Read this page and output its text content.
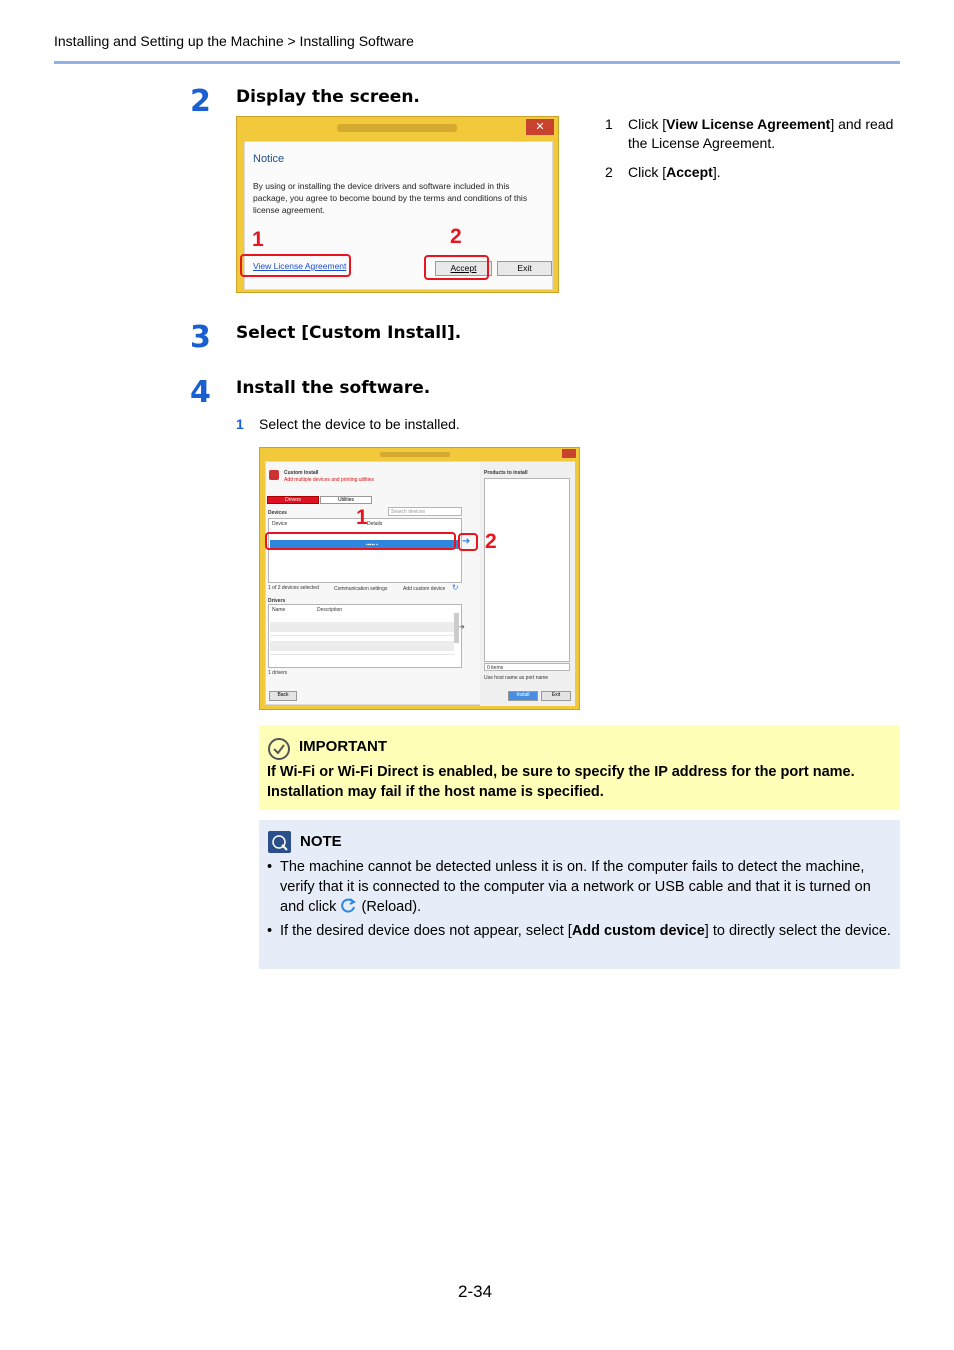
Installing and Setting up the Machine > Installing Software
2 Display the screen.
✕
Notice
By using or installing the device drivers and software included in this package, you agree to become bound by the terms and conditions of this license agreement.
View License Agreement	Accept	Exit
1	2
1	Click [View License Agreement] and read the License Agreement.
2	Click [Accept].
3 Select [Custom Install].
4 Install the software.
1 Select the device to be installed.
Custom Install
Add multiple devices and printing utilities
Drivers	Utilities
Devices	Search devices
Device	Details
▪▪▪▪▪ ▪
1 of 2 devices selected	Communication settings	Add custom device ↻
Drivers
Name	Description
1 drivers
➜
Products to install
0 items
Use host name as port name
Back	Install	Exit
➜
1
2
IMPORTANT
If Wi-Fi or Wi-Fi Direct is enabled, be sure to specify the IP address for the port name. Installation may fail if the host name is specified.
NOTE
• The machine cannot be detected unless it is on. If the computer fails to detect the machine, verify that it is connected to the computer via a network or USB cable and that it is turned on and click (Reload).
• If the desired device does not appear, select [Add custom device] to directly select the device.
2-34
